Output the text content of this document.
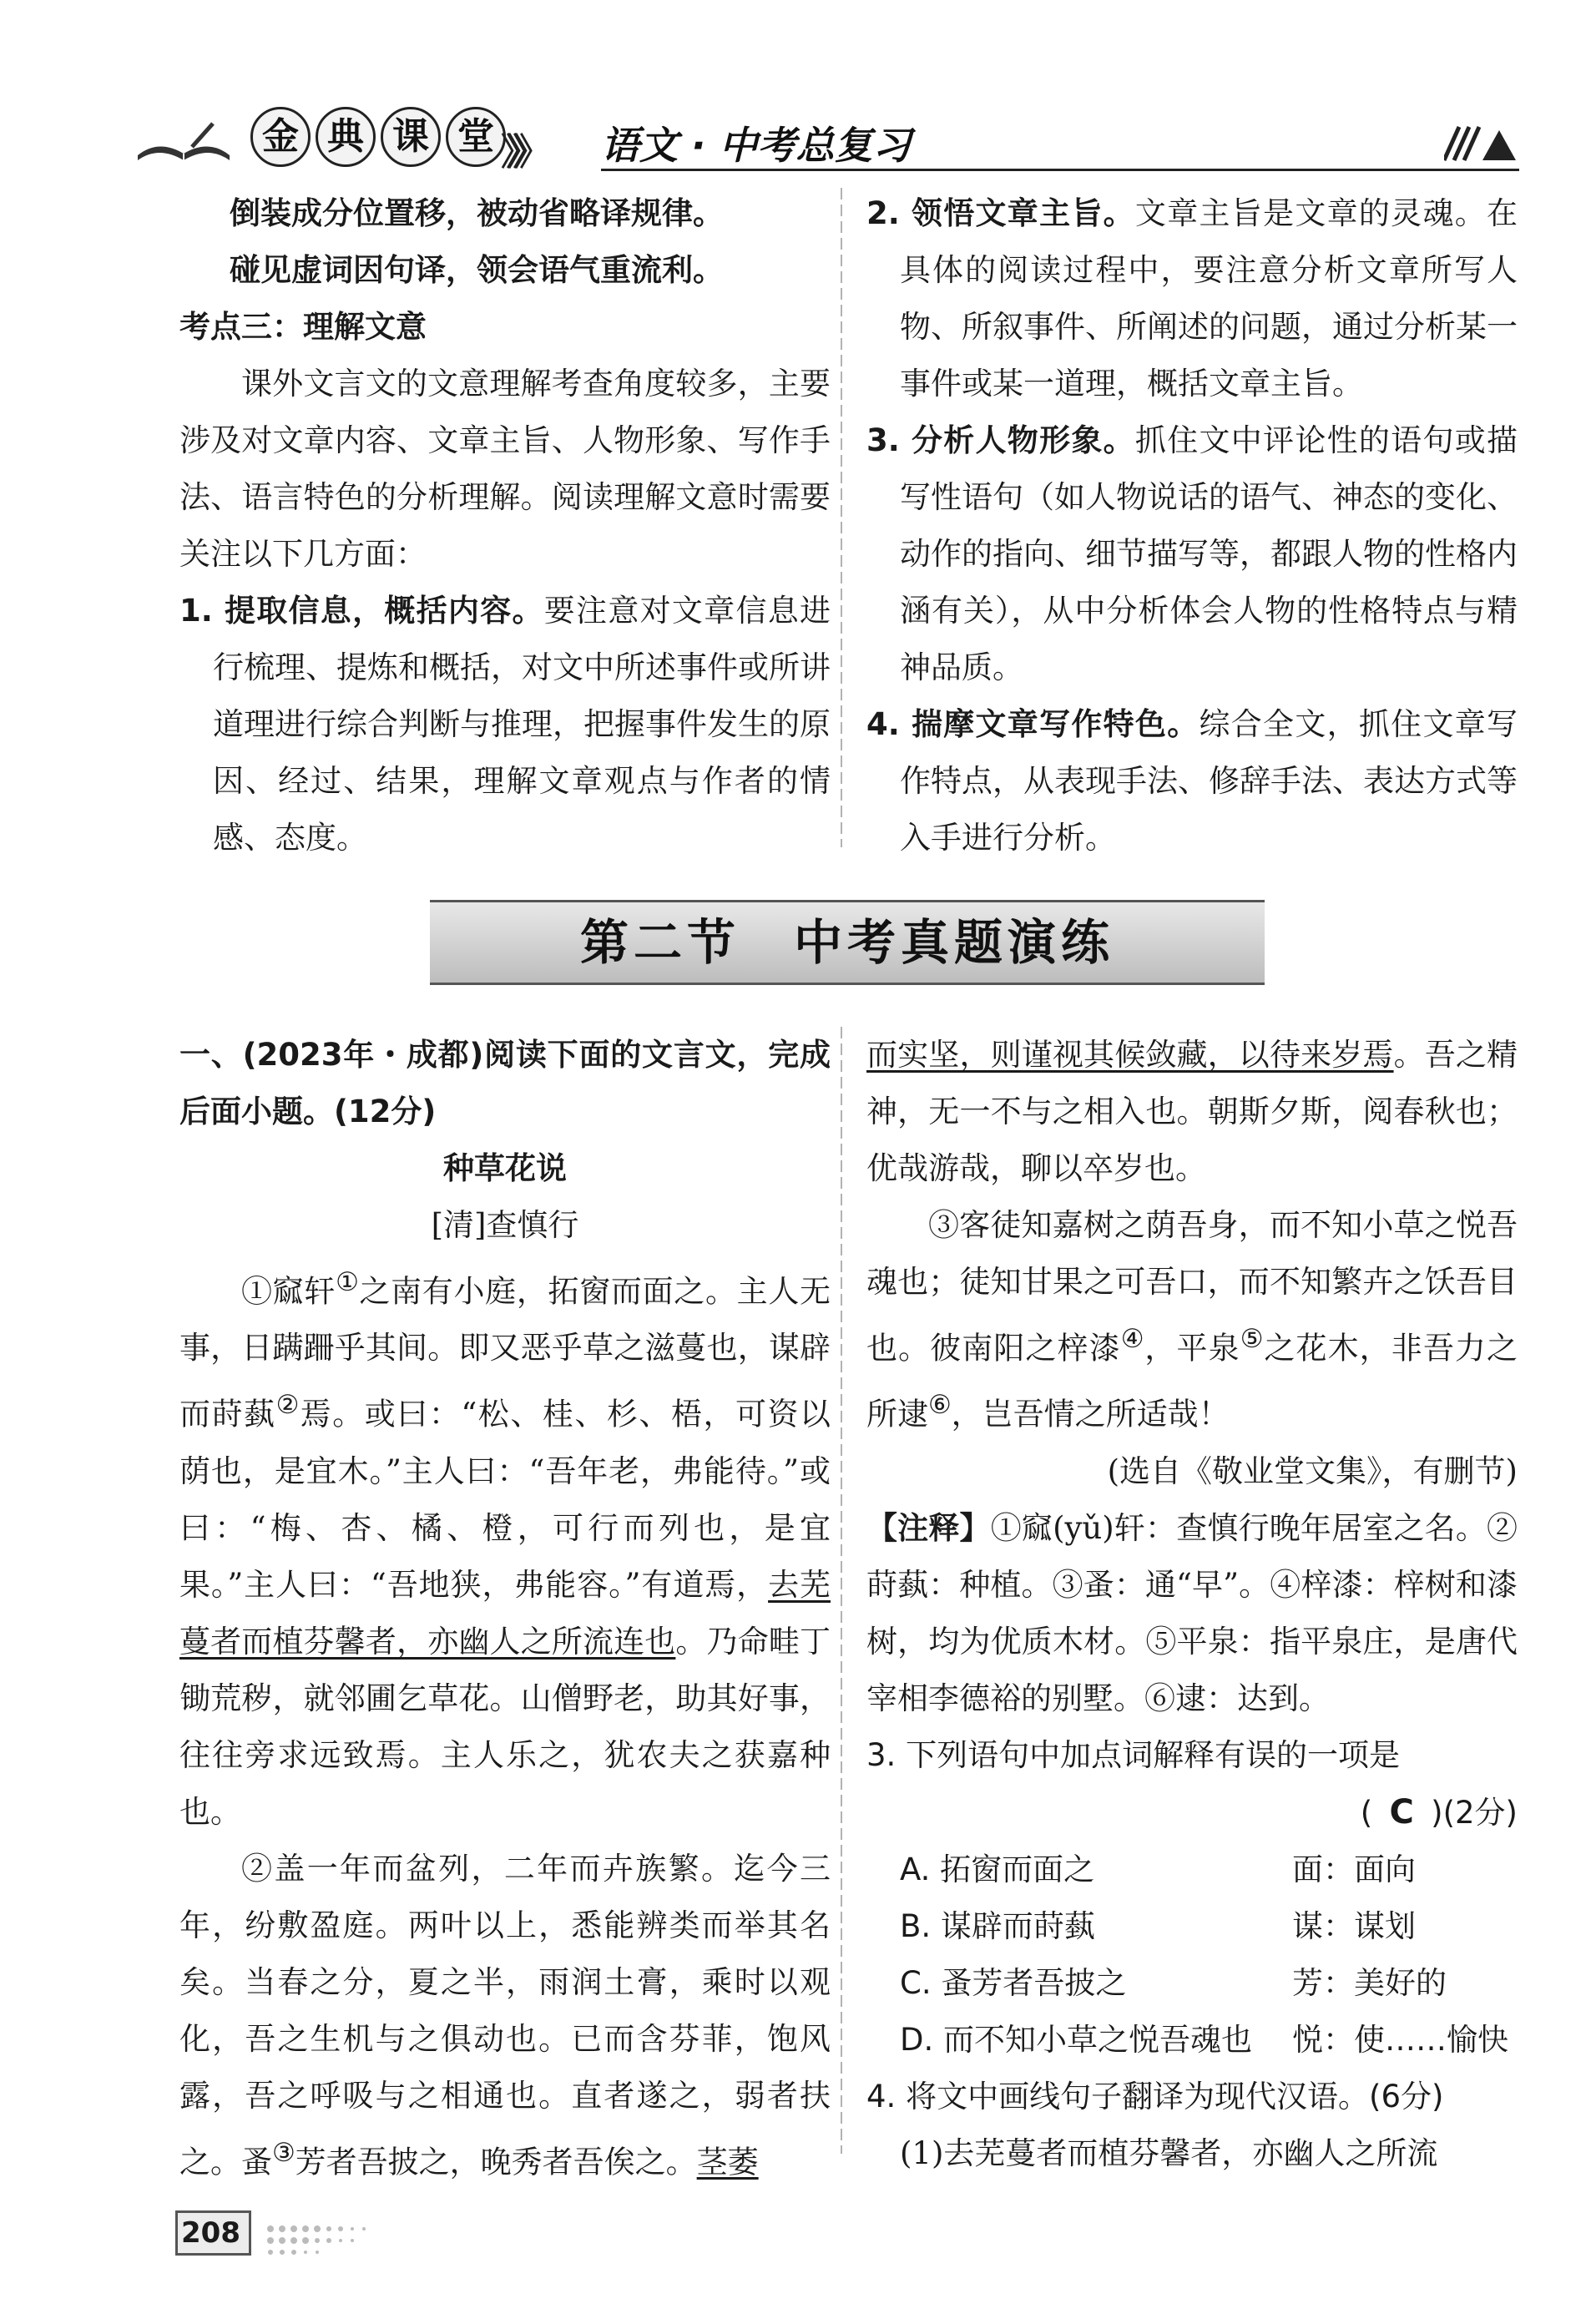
金 典 课 堂 》》》 语文 · 中考总复习

倒装成分位置移，被动省略译规律。

碰见虚词因句译，领会语气重流利。

考点三：理解文意

课外文言文的文意理解考查角度较多，主要涉及对文章内容、文章主旨、人物形象、写作手法、语言特色的分析理解。阅读理解文意时需要关注以下几方面：

1. 提取信息，概括内容。要注意对文章信息进行梳理、提炼和概括，对文中所述事件或所讲道理进行综合判断与推理，把握事件发生的原因、经过、结果，理解文章观点与作者的情感、态度。

2. 领悟文章主旨。文章主旨是文章的灵魂。在具体的阅读过程中，要注意分析文章所写人物、所叙事件、所阐述的问题，通过分析某一事件或某一道理，概括文章主旨。

3. 分析人物形象。抓住文中评论性的语句或描写性语句（如人物说话的语气、神态的变化、动作的指向、细节描写等，都跟人物的性格内涵有关），从中分析体会人物的性格特点与精神品质。

4. 揣摩文章写作特色。综合全文，抓住文章写作特点，从表现手法、修辞手法、表达方式等入手进行分析。

第二节　中考真题演练

一、(2023年・成都)阅读下面的文言文，完成后面小题。(12分)

种草花说

[清]查慎行

①窳轩①之南有小庭，拓窗而面之。主人无事，日蹒跚乎其间。即又恶乎草之滋蔓也，谋辟而莳蓺②焉。或曰：“松、桂、杉、梧，可资以荫也，是宜木。”主人曰：“吾年老，弗能待。”或曰：“梅、杏、橘、橙，可行而列也，是宜果。”主人曰：“吾地狭，弗能容。”有道焉，去芜蔓者而植芬馨者，亦幽人之所流连也。乃命畦丁锄荒秽，就邻圃乞草花。山僧野老，助其好事，往往旁求远致焉。主人乐之，犹农夫之获嘉种也。

②盖一年而盆列，二年而卉族繁。迄今三年，纷敷盈庭。两叶以上，悉能辨类而举其名矣。当春之分，夏之半，雨润土膏，乘时以观化，吾之生机与之俱动也。已而含芬菲，饱风露，吾之呼吸与之相通也。直者遂之，弱者扶之。蚤③芳者吾披之，晚秀者吾俟之。茎萎

而实坚，则谨视其候敛藏，以待来岁焉。吾之精神，无一不与之相入也。朝斯夕斯，阅春秋也；优哉游哉，聊以卒岁也。

③客徒知嘉树之荫吾身，而不知小草之悦吾魂也；徒知甘果之可吾口，而不知繁卉之饫吾目也。彼南阳之梓漆④，平泉⑤之花木，非吾力之所逮⑥，岂吾情之所适哉！

(选自《敬业堂文集》，有删节)

【注释】①窳(yǔ)轩：查慎行晚年居室之名。②莳蓺：种植。③蚤：通“早”。④梓漆：梓树和漆树，均为优质木材。⑤平泉：指平泉庄，是唐代宰相李德裕的别墅。⑥逮：达到。

3. 下列语句中加点词解释有误的一项是

( C )(2分)
A. 拓窗而面之	面：面向
B. 谋辟而莳蓺	谋：谋划
C. 蚤芳者吾披之	芳：美好的
D. 而不知小草之悦吾魂也	悦：使……愉快

4. 将文中画线句子翻译为现代汉语。(6分)

(1)去芜蔓者而植芬馨者，亦幽人之所流

208
